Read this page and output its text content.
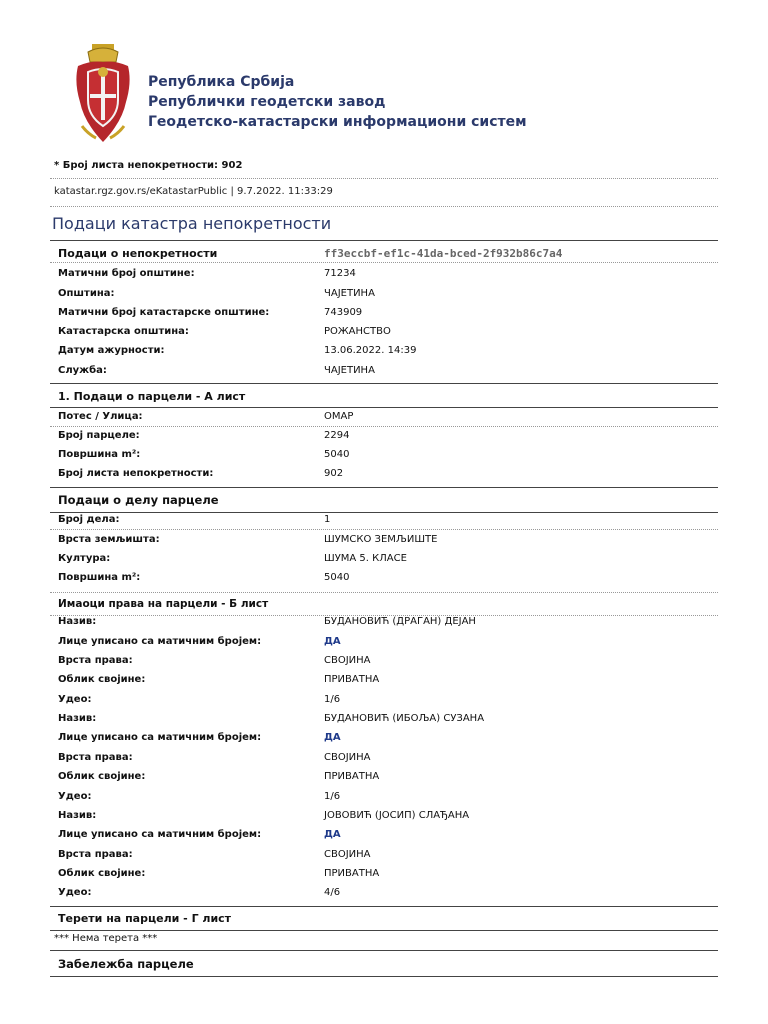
Република Србија
Републички геодетски завод
Геодетско-катастарски информациони систем
* Број листа непокретности: 902
katastar.rgz.gov.rs/eKatastarPublic | 9.7.2022. 11:33:29
Подаци катастра непокретности
Подаци о непокретности	ff3eccbf-ef1c-41da-bced-2f932b86c7a4
Матични број општине:	71234
Општина:	ЧАЈЕТИНА
Матични број катастарске општине:	743909
Катастарска општина:	РОЖАНСТВО
Датум ажурности:	13.06.2022. 14:39
Служба:	ЧАЈЕТИНА
1. Подаци о парцели - А лист
Потес / Улица:	ОМАР
Број парцеле:	2294
Површина m²:	5040
Број листа непокретности:	902
Подаци о делу парцеле
Број дела:	1
Врста земљишта:	ШУМСКО ЗЕМЉИШТЕ
Култура:	ШУМА 5. КЛАСЕ
Површина m²:	5040
Имаоци права на парцели - Б лист
Назив:	БУДАНОВИЋ (ДРАГАН) ДЕЈАН
Лице уписано са матичним бројем:	ДА
Врста права:	СВОЈИНА
Облик својине:	ПРИВАТНА
Удео:	1/6
Назив:	БУДАНОВИЋ (ИБОЉА) СУЗАНА
Лице уписано са матичним бројем:	ДА
Врста права:	СВОЈИНА
Облик својине:	ПРИВАТНА
Удео:	1/6
Назив:	ЈОВОВИЋ (ЈОСИП) СЛАЂАНА
Лице уписано са матичним бројем:	ДА
Врста права:	СВОЈИНА
Облик својине:	ПРИВАТНА
Удео:	4/6
Терети на парцели - Г лист
*** Нема терета ***
Забележба парцеле
